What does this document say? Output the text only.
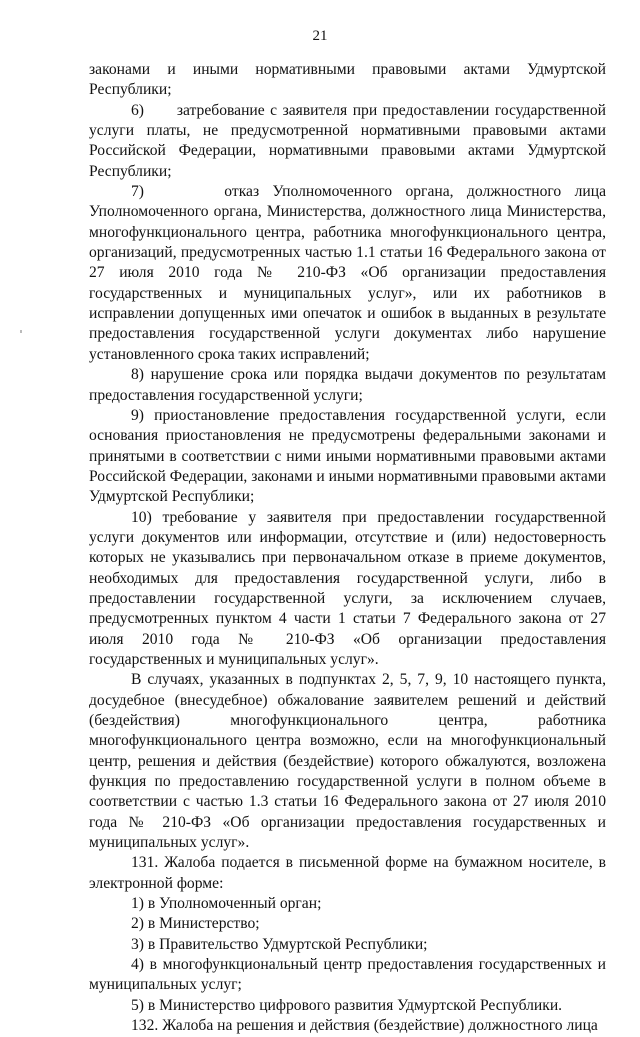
21

законами и иными нормативными правовыми актами Удмуртской Республики;

6)      затребование с заявителя при предоставлении государственной услуги платы, не предусмотренной нормативными правовыми актами Российской Федерации, нормативными правовыми актами Удмуртской Республики;

7)      отказ Уполномоченного органа, должностного лица Уполномоченного органа, Министерства, должностного лица Министерства, многофункционального центра, работника многофункционального центра, организаций, предусмотренных частью 1.1 статьи 16 Федерального закона от 27 июля 2010 года № 210-ФЗ «Об организации предоставления государственных и муниципальных услуг», или их работников в исправлении допущенных ими опечаток и ошибок в выданных в результате предоставления государственной услуги документах либо нарушение установленного срока таких исправлений;

8) нарушение срока или порядка выдачи документов по результатам предоставления государственной услуги;

9) приостановление предоставления государственной услуги, если основания приостановления не предусмотрены федеральными законами и принятыми в соответствии с ними иными нормативными правовыми актами Российской Федерации, законами и иными нормативными правовыми актами Удмуртской Республики;

10) требование у заявителя при предоставлении государственной услуги документов или информации, отсутствие и (или) недостоверность которых не указывались при первоначальном отказе в приеме документов, необходимых для предоставления государственной услуги, либо в предоставлении государственной услуги, за исключением случаев, предусмотренных пунктом 4 части 1 статьи 7 Федерального закона от 27 июля 2010 года № 210-ФЗ «Об организации предоставления государственных и муниципальных услуг».

В случаях, указанных в подпунктах 2, 5, 7, 9, 10 настоящего пункта, досудебное (внесудебное) обжалование заявителем решений и действий (бездействия) многофункционального центра, работника многофункционального центра возможно, если на многофункциональный центр, решения и действия (бездействие) которого обжалуются, возложена функция по предоставлению государственной услуги в полном объеме в соответствии с частью 1.3 статьи 16 Федерального закона от 27 июля 2010 года № 210-ФЗ «Об организации предоставления государственных и муниципальных услуг».

131. Жалоба подается в письменной форме на бумажном носителе, в электронной форме:

1) в Уполномоченный орган;

2) в Министерство;

3) в Правительство Удмуртской Республики;

4) в многофункциональный центр предоставления государственных и муниципальных услуг;

5) в Министерство цифрового развития Удмуртской Республики.

132. Жалоба на решения и действия (бездействие) должностного лица
